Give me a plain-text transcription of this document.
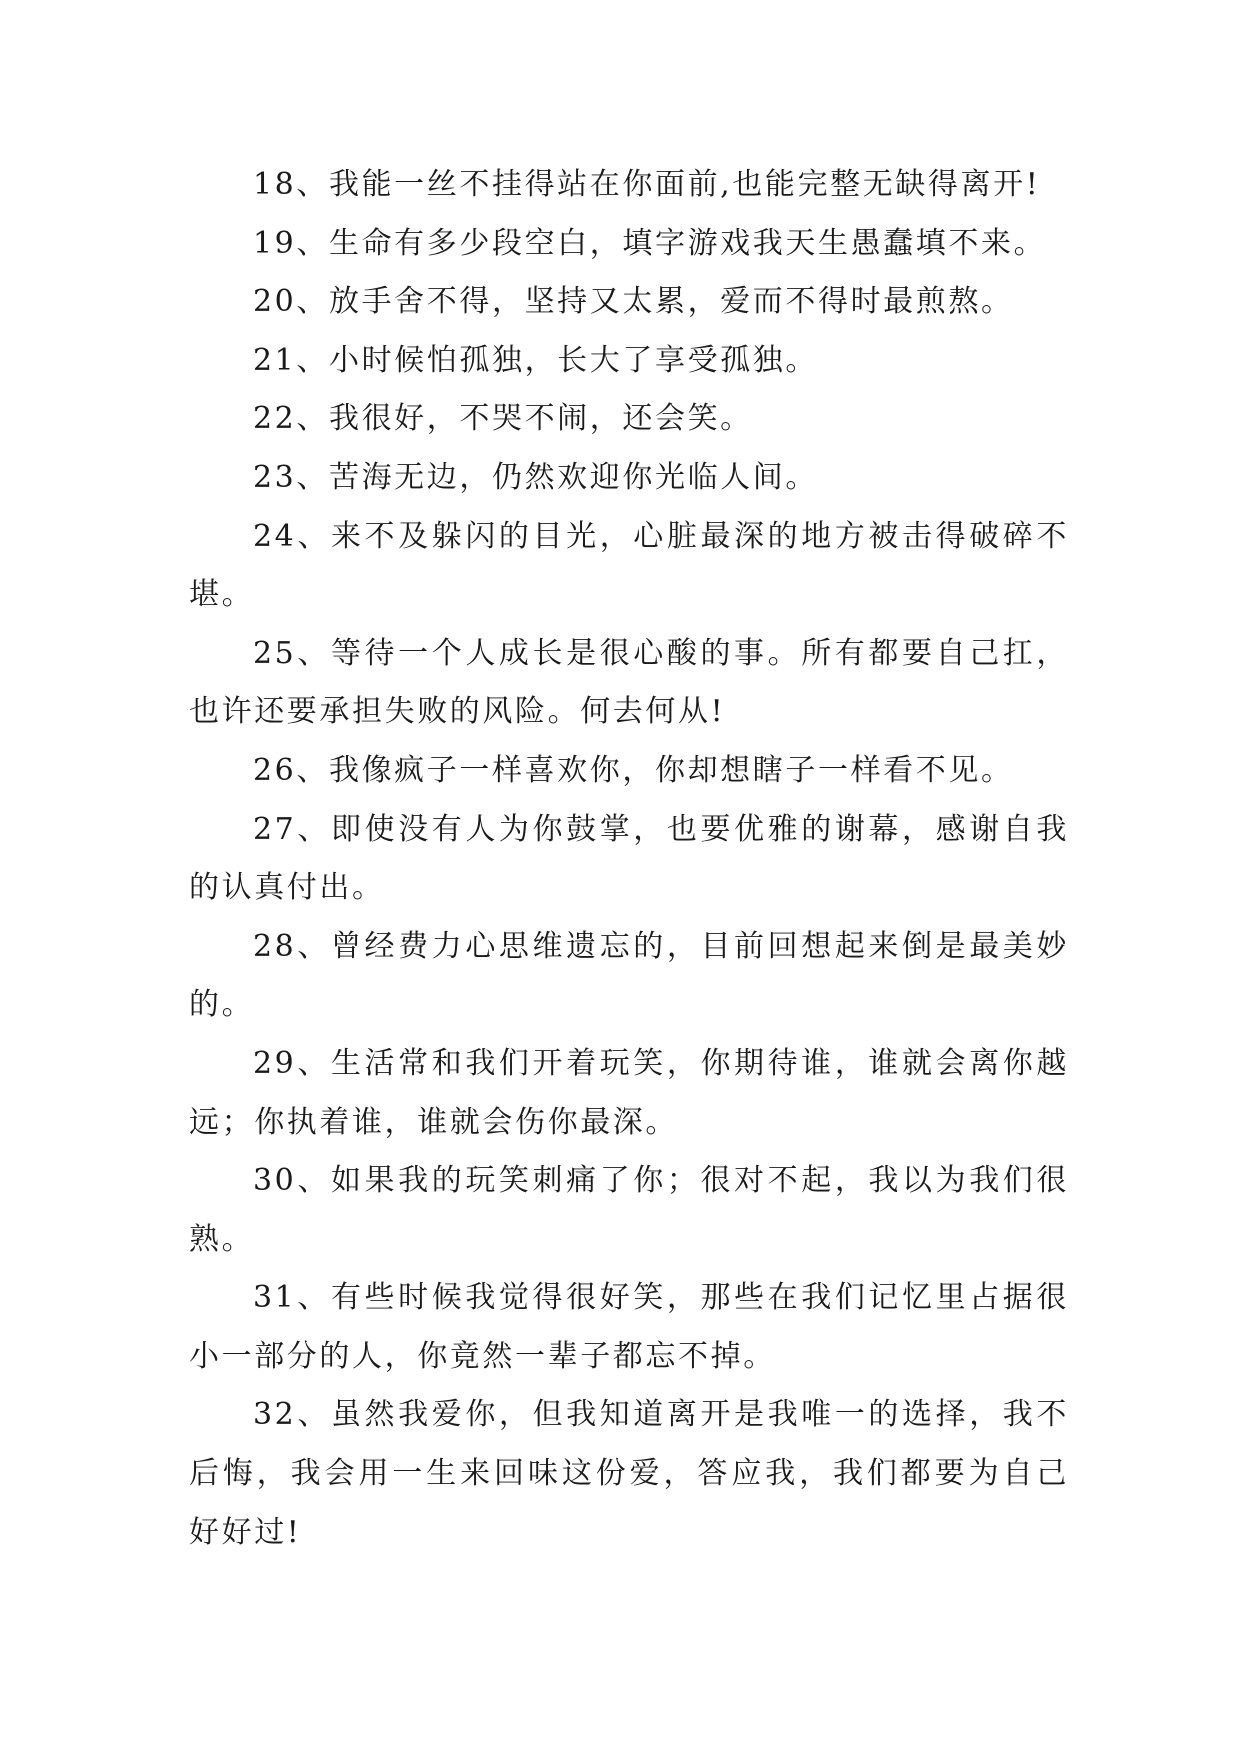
18、我能一丝不挂得站在你面前,也能完整无缺得离开!

19、生命有多少段空白，填字游戏我天生愚蠢填不来。

20、放手舍不得，坚持又太累，爱而不得时最煎熬。

21、小时候怕孤独，长大了享受孤独。

22、我很好，不哭不闹，还会笑。

23、苦海无边，仍然欢迎你光临人间。

24、来不及躲闪的目光，心脏最深的地方被击得破碎不堪。

25、等待一个人成长是很心酸的事。所有都要自己扛，也许还要承担失败的风险。何去何从!

26、我像疯子一样喜欢你，你却想瞎子一样看不见。

27、即使没有人为你鼓掌，也要优雅的谢幕，感谢自我的认真付出。

28、曾经费力心思维遗忘的，目前回想起来倒是最美妙的。

29、生活常和我们开着玩笑，你期待谁，谁就会离你越远；你执着谁，谁就会伤你最深。

30、如果我的玩笑刺痛了你；很对不起，我以为我们很熟。

31、有些时候我觉得很好笑，那些在我们记忆里占据很小一部分的人，你竟然一辈子都忘不掉。

32、虽然我爱你，但我知道离开是我唯一的选择，我不后悔，我会用一生来回味这份爱，答应我，我们都要为自己好好过!
